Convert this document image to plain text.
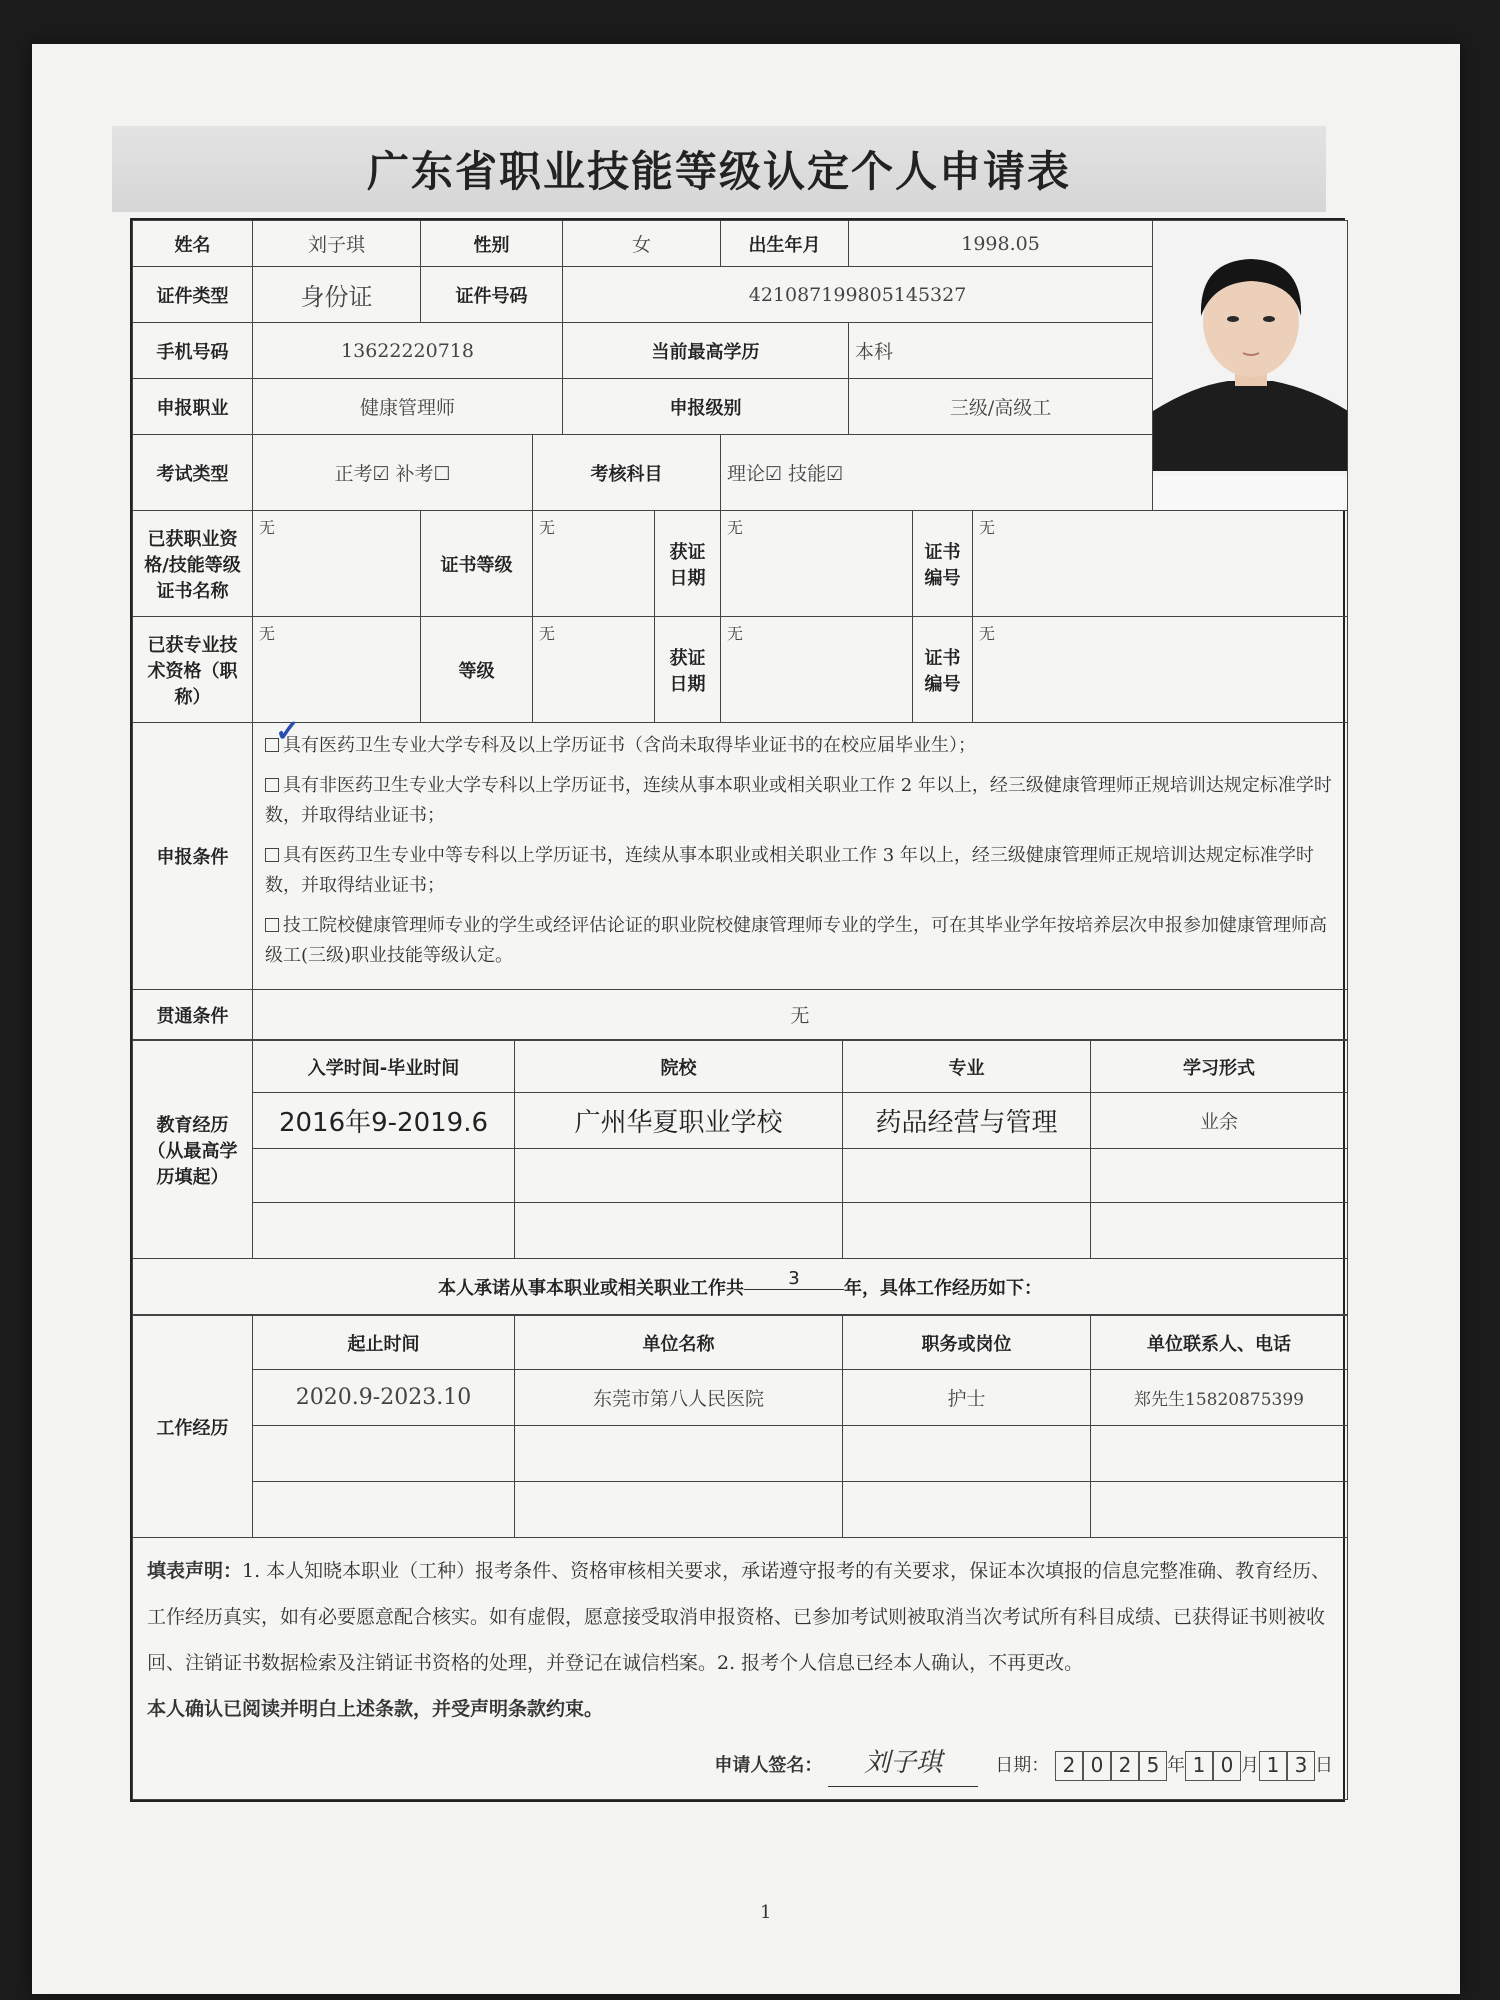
广东省职业技能等级认定个人申请表
姓名	刘子琪	性别		女		出生年月	1998.05	

证件类型	身份证	证件号码		421087199805145327						
手机号码	13622220718			当前最高学历			本科			
申报职业	健康管理师			申报级别			三级/高级工			
考试类型	正考☑ 补考☐		考核科目			理论☑ 技能☑				
已获职业资格/技能等级证书名称	无	证书等级	无		获证日期	无		证书编号	无	
已获专业技术资格（职称）	无	等级	无		获证日期	无		证书编号	无	
申报条件	具有医药卫生专业大学专科及以上学历证书（含尚未取得毕业证书的在校应届毕业生）；

具有非医药卫生专业大学专科以上学历证书，连续从事本职业或相关职业工作 2 年以上，经三级健康管理师正规培训达规定标准学时数，并取得结业证书；

具有医药卫生专业中等专科以上学历证书，连续从事本职业或相关职业工作 3 年以上，经三级健康管理师正规培训达规定标准学时数，并取得结业证书；

技工院校健康管理师专业的学生或经评估论证的职业院校健康管理师专业的学生，可在其毕业学年按培养层次申报参加健康管理师高级工(三级)职业技能等级认定。

✓									

贯通条件	无									
教育经历（从最高学历填起）	入学时间-毕业时间	院校	专业	学习形式
	2016年9-2019.6	广州华夏职业学校	药品经营与管理	业余

本人承诺从事本职业或相关职业工作共 3 年，具体工作经历如下：				
工作经历	起止时间	单位名称	职务或岗位	单位联系人、电话
	2020.9-2023.10	东莞市第八人民医院	护士	郑先生15820875399

填表声明：1. 本人知晓本职业（工种）报考条件、资格审核相关要求，承诺遵守报考的有关要求，保证本次填报的信息完整准确、教育经历、工作经历真实，如有必要愿意配合核实。如有虚假，愿意接受取消申报资格、已参加考试则被取消当次考试所有科目成绩、已获得证书则被收回、注销证书数据检索及注销证书资格的处理，并登记在诚信档案。2. 报考个人信息已经本人确认，不再更改。
本人确认已阅读并明白上述条款，并受声明条款约束。
申请人签名： 刘子琪 日期： 2 0 2 5 年 1 0 月 1 3 日				
1
